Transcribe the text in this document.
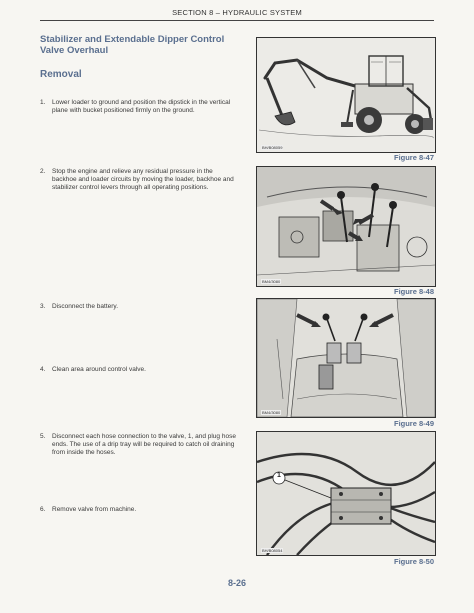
SECTION 8 – HYDRAULIC SYSTEM
Stabilizer and Extendable Dipper Control Valve Overhaul
Removal
1.	Lower loader to ground and position the dipstick in the vertical plane with bucket positioned firmly on the ground.
2.	Stop the engine and relieve any residual pressure in the backhoe and loader circuits by moving the loader, backhoe and stabilizer control levers through all operating positions.
3.	Disconnect the battery.
4.	Clean area around control valve.
5.	Disconnect each hose connection to the valve, 1, and plug hose ends. The use of a drip tray will be required to catch oil draining from inside the hoses.
6.	Remove valve from machine.
BH/B08059
Figure 8-47
BM4/3080
Figure 8-48
BM4/3080
Figure 8-49
1
BH/B08054
Figure 8-50
8-26
